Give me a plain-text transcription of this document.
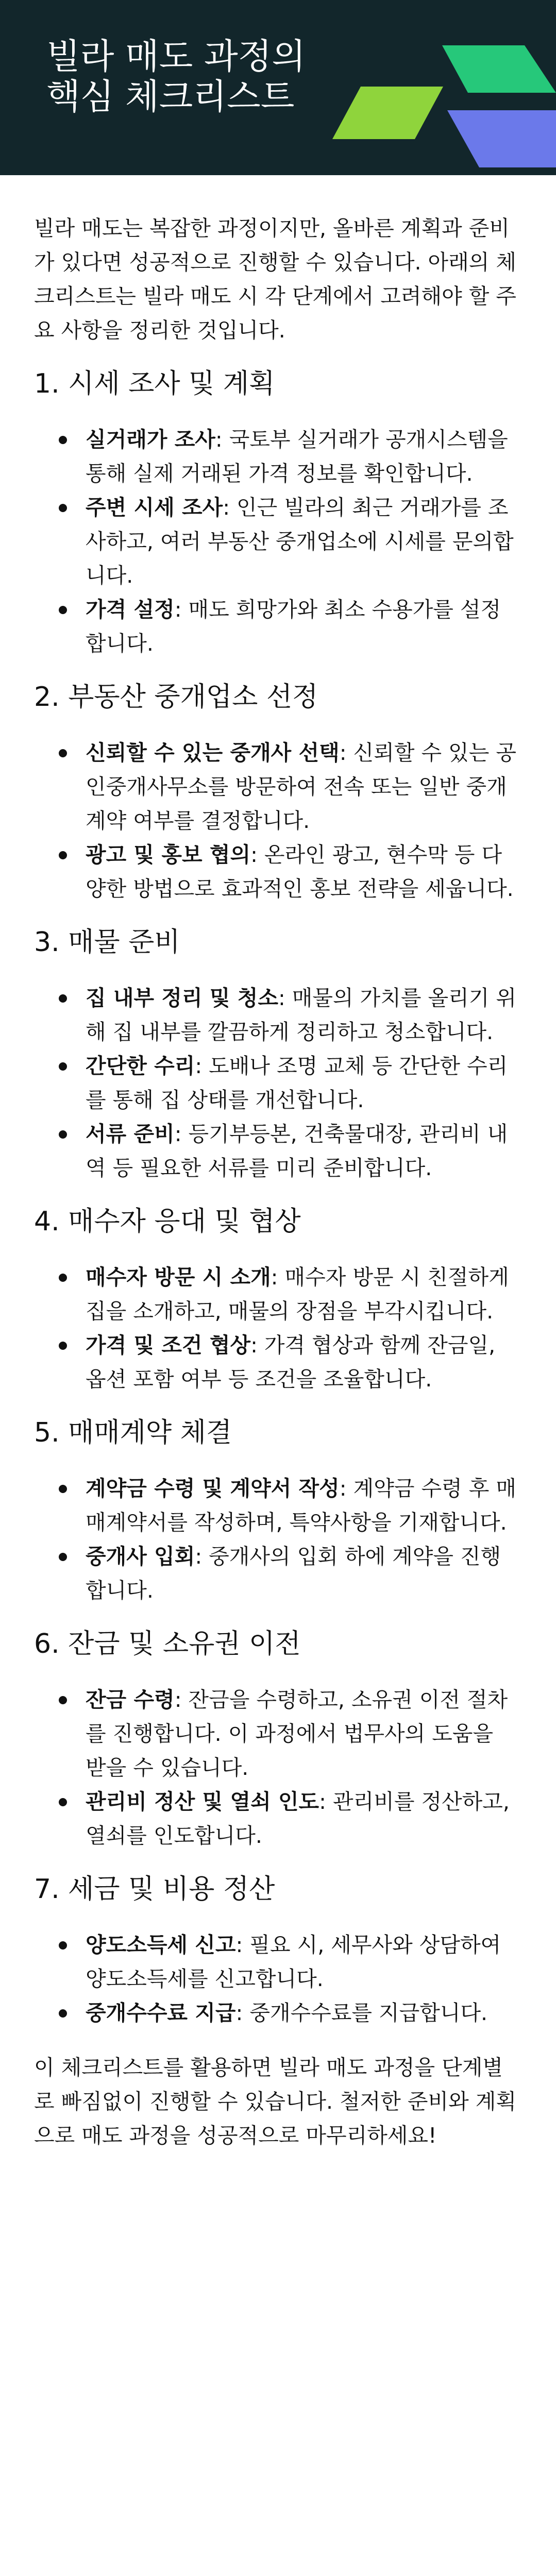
빌라 매도 과정의 핵심 체크리스트

빌라 매도는 복잡한 과정이지만, 올바른 계획과 준비가 있다면 성공적으로 진행할 수 있습니다. 아래의 체크리스트는 빌라 매도 시 각 단계에서 고려해야 할 주요 사항을 정리한 것입니다.

1. 시세 조사 및 계획
실거래가 조사: 국토부 실거래가 공개시스템을 통해 실제 거래된 가격 정보를 확인합니다.
주변 시세 조사: 인근 빌라의 최근 거래가를 조사하고, 여러 부동산 중개업소에 시세를 문의합니다.
가격 설정: 매도 희망가와 최소 수용가를 설정합니다.
2. 부동산 중개업소 선정
신뢰할 수 있는 중개사 선택: 신뢰할 수 있는 공인중개사무소를 방문하여 전속 또는 일반 중개 계약 여부를 결정합니다.
광고 및 홍보 협의: 온라인 광고, 현수막 등 다양한 방법으로 효과적인 홍보 전략을 세웁니다.
3. 매물 준비
집 내부 정리 및 청소: 매물의 가치를 올리기 위해 집 내부를 깔끔하게 정리하고 청소합니다.
간단한 수리: 도배나 조명 교체 등 간단한 수리를 통해 집 상태를 개선합니다.
서류 준비: 등기부등본, 건축물대장, 관리비 내역 등 필요한 서류를 미리 준비합니다.
4. 매수자 응대 및 협상
매수자 방문 시 소개: 매수자 방문 시 친절하게 집을 소개하고, 매물의 장점을 부각시킵니다.
가격 및 조건 협상: 가격 협상과 함께 잔금일, 옵션 포함 여부 등 조건을 조율합니다.
5. 매매계약 체결
계약금 수령 및 계약서 작성: 계약금 수령 후 매매계약서를 작성하며, 특약사항을 기재합니다.
중개사 입회: 중개사의 입회 하에 계약을 진행합니다.
6. 잔금 및 소유권 이전
잔금 수령: 잔금을 수령하고, 소유권 이전 절차를 진행합니다. 이 과정에서 법무사의 도움을 받을 수 있습니다.
관리비 정산 및 열쇠 인도: 관리비를 정산하고, 열쇠를 인도합니다.
7. 세금 및 비용 정산
양도소득세 신고: 필요 시, 세무사와 상담하여 양도소득세를 신고합니다.
중개수수료 지급: 중개수수료를 지급합니다.

이 체크리스트를 활용하면 빌라 매도 과정을 단계별로 빠짐없이 진행할 수 있습니다. 철저한 준비와 계획으로 매도 과정을 성공적으로 마무리하세요!
